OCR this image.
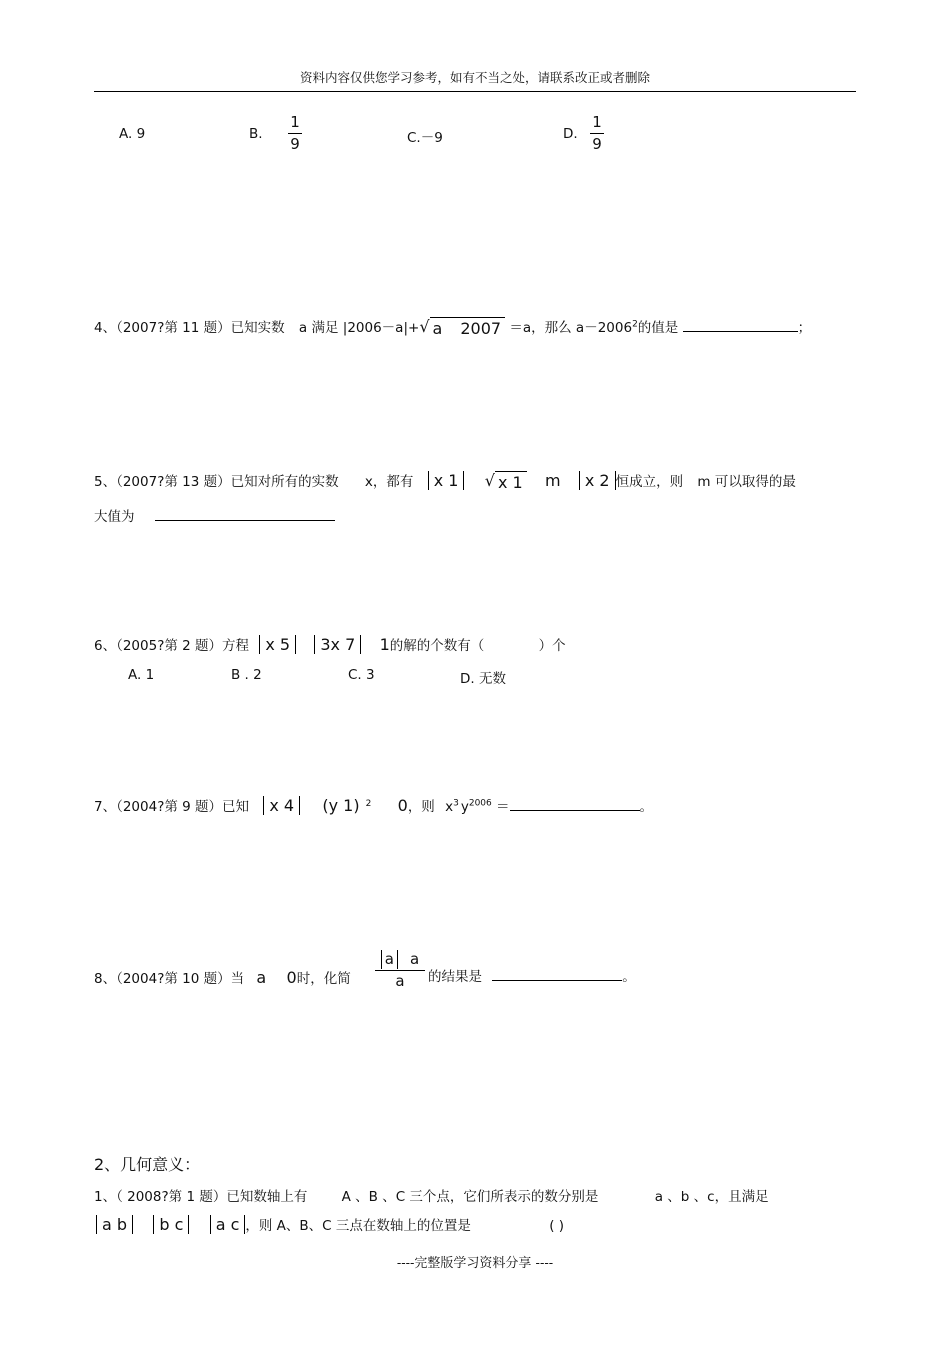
资料内容仅供您学习参考，如有不当之处，请联系改正或者删除
A. 9	B.
1
9	C.－9	D.
1
9
4、（2007?第 11 题）已知实数 a 满足 |2006－a|+√ a 2007 ＝a，那么 $a-2006^2$的值是	；
5、（2007?第 13 题）已知对所有的实数 x，都有 x 1 √ x 1 m x 2 恒成立，则 m 可以取得的最
大值为
6、（2005?第 2 题）方程 x 5 3x 7 1的解的个数有（	）个
A. 1	B . 2	C. 3	D. 无数
7、（2004?第 9 题）已知 x 4 (y 1) $^2$ 0，则 $x^3$ $y^{2006}$ ＝	。
8、（2004?第 10 题）当 a 0时，化简
a a
a 的结果是	。
2、几何意义：
1、（ 2008?第 1 题）已知数轴上有	A 、B 、C 三个点，它们所表示的数分别是	a 、b 、c，且满足
a b b c a c ，则 A、B、C 三点在数轴上的位置是	( )
----完整版学习资料分享 ----
